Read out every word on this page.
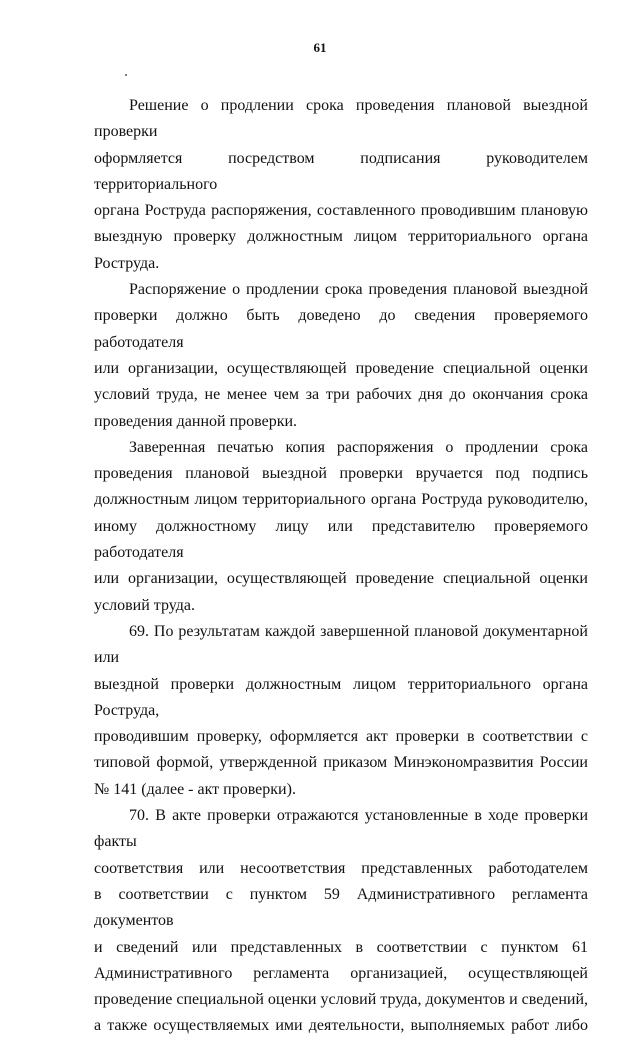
61
Решение о продлении срока проведения плановой выездной проверки
оформляется посредством подписания руководителем территориального
органа Роструда распоряжения, составленного проводившим плановую
выездную проверку должностным лицом территориального органа
Роструда.
Распоряжение о продлении срока проведения плановой выездной
проверки должно быть доведено до сведения проверяемого работодателя
или организации, осуществляющей проведение специальной оценки
условий труда, не менее чем за три рабочих дня до окончания срока
проведения данной проверки.
Заверенная печатью копия распоряжения о продлении срока
проведения плановой выездной проверки вручается под подпись
должностным лицом территориального органа Роструда руководителю,
иному должностному лицу или представителю проверяемого работодателя
или организации, осуществляющей проведение специальной оценки
условий труда.
69. По результатам каждой завершенной плановой документарной или
выездной проверки должностным лицом территориального органа Роструда,
проводившим проверку, оформляется акт проверки в соответствии с
типовой формой, утвержденной приказом Минэкономразвития России
№ 141 (далее - акт проверки).
70. В акте проверки отражаются установленные в ходе проверки факты
соответствия или несоответствия представленных работодателем
в соответствии с пунктом 59 Административного регламента документов
и сведений или представленных в соответствии с пунктом 61
Административного регламента организацией, осуществляющей
проведение специальной оценки условий труда, документов и сведений,
а также осуществляемых ими деятельности, выполняемых работ либо
